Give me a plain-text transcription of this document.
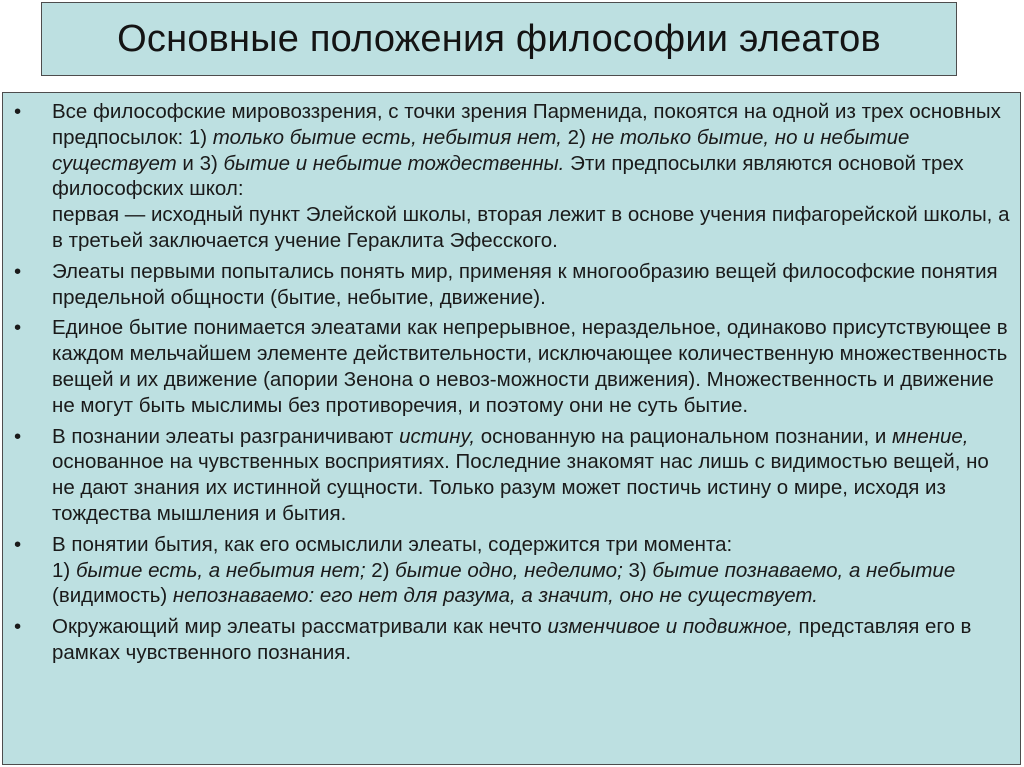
Основные положения философии элеатов
• Все философские мировоззрения, с точки зрения Парменида, покоятся на одной из трех основных предпосылок: 1) только бытие есть, небытия нет, 2) не только бытие, но и небытие существует и 3) бытие и небытие тождественны. Эти предпосылки являются основой трех философских школ:
первая — исходный пункт Элейской школы, вторая лежит в основе учения пифагорейской школы, а в третьей заключается учение Гераклита Эфесского.
• Элеаты первыми попытались понять мир, применяя к многообразию вещей философские понятия предельной общности (бытие, небытие, движение).
• Единое бытие понимается элеатами как непрерывное, нераздельное, одинаково присутствующее в каждом мельчайшем элементе действительности, исключающее количественную множественность вещей и их движение (апории Зенона о невоз-можности движения). Множественность и движение не могут быть мыслимы без противоречия, и поэтому они не суть бытие.
• В познании элеаты разграничивают истину, основанную на рациональном познании, и мнение, основанное на чувственных восприятиях. Последние знакомят нас лишь с видимостью вещей, но не дают знания их истинной сущности. Только разум может постичь истину о мире, исходя из тождества мышления и бытия.
• В понятии бытия, как его осмыслили элеаты, содержится три момента:
1) бытие есть, а небытия нет; 2) бытие одно, неделимо; 3) бытие познаваемо, а небытие (видимость) непознаваемо: его нет для разума, а значит, оно не существует.
• Окружающий мир элеаты рассматривали как нечто изменчивое и подвижное, представляя его в рамках чувственного познания.
